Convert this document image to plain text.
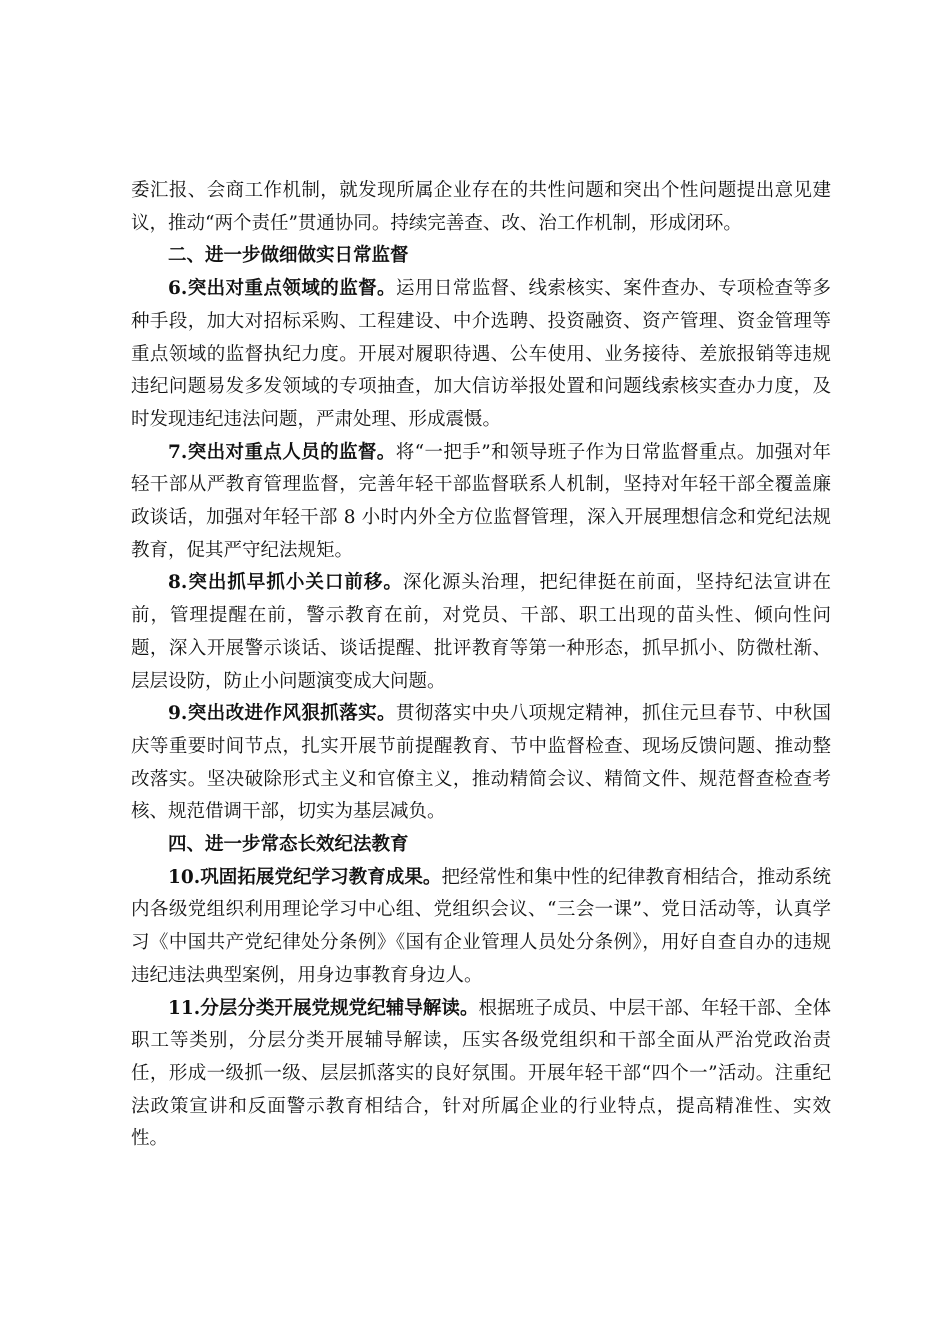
委汇报、会商工作机制，就发现所属企业存在的共性问题和突出个性问题提出意见建议，推动“两个责任”贯通协同。持续完善查、改、治工作机制，形成闭环。

二、进一步做细做实日常监督

6.突出对重点领域的监督。运用日常监督、线索核实、案件查办、专项检查等多种手段，加大对招标采购、工程建设、中介选聘、投资融资、资产管理、资金管理等重点领域的监督执纪力度。开展对履职待遇、公车使用、业务接待、差旅报销等违规违纪问题易发多发领域的专项抽查，加大信访举报处置和问题线索核实查办力度，及时发现违纪违法问题，严肃处理、形成震慑。

7.突出对重点人员的监督。将“一把手”和领导班子作为日常监督重点。加强对年轻干部从严教育管理监督，完善年轻干部监督联系人机制，坚持对年轻干部全覆盖廉政谈话，加强对年轻干部 8 小时内外全方位监督管理，深入开展理想信念和党纪法规教育，促其严守纪法规矩。

8.突出抓早抓小关口前移。深化源头治理，把纪律挺在前面，坚持纪法宣讲在前，管理提醒在前，警示教育在前，对党员、干部、职工出现的苗头性、倾向性问题，深入开展警示谈话、谈话提醒、批评教育等第一种形态，抓早抓小、防微杜渐、层层设防，防止小问题演变成大问题。

9.突出改进作风狠抓落实。贯彻落实中央八项规定精神，抓住元旦春节、中秋国庆等重要时间节点，扎实开展节前提醒教育、节中监督检查、现场反馈问题、推动整改落实。坚决破除形式主义和官僚主义，推动精简会议、精简文件、规范督查检查考核、规范借调干部，切实为基层减负。

四、进一步常态长效纪法教育

10.巩固拓展党纪学习教育成果。把经常性和集中性的纪律教育相结合，推动系统内各级党组织利用理论学习中心组、党组织会议、“三会一课”、党日活动等，认真学习《中国共产党纪律处分条例》《国有企业管理人员处分条例》，用好自查自办的违规违纪违法典型案例，用身边事教育身边人。

11.分层分类开展党规党纪辅导解读。根据班子成员、中层干部、年轻干部、全体职工等类别，分层分类开展辅导解读，压实各级党组织和干部全面从严治党政治责任，形成一级抓一级、层层抓落实的良好氛围。开展年轻干部“四个一”活动。注重纪法政策宣讲和反面警示教育相结合，针对所属企业的行业特点，提高精准性、实效性。
